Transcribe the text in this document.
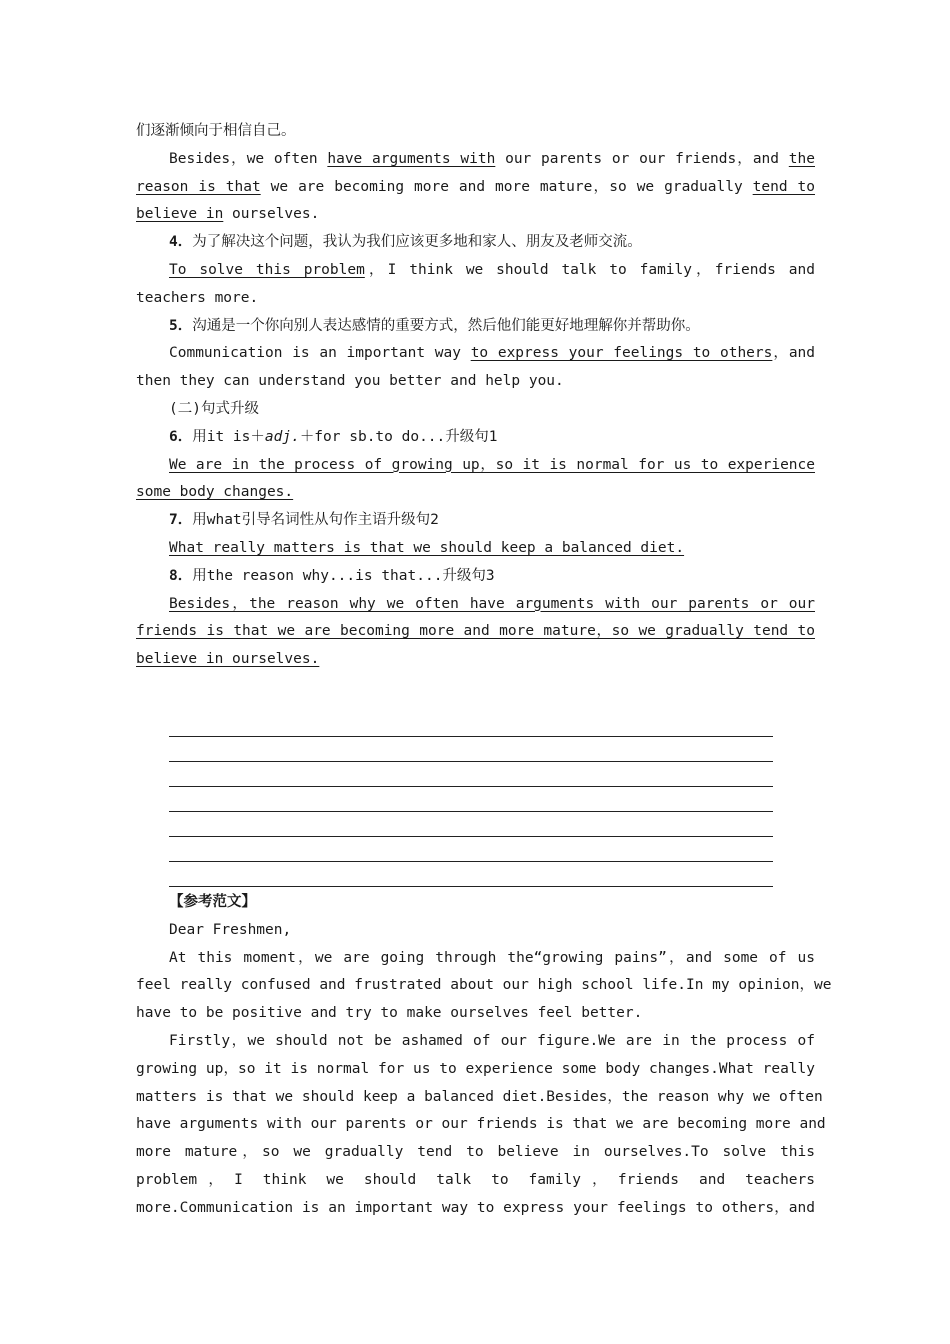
们逐渐倾向于相信自己。
Besides，we often have arguments with our parents or our friends，and the
reason is that we are becoming more and more mature，so we gradually tend to
believe in ourselves.
4．为了解决这个问题，我认为我们应该更多地和家人、朋友及老师交流。
To solve this problem，I think we should talk to family，friends and
teachers more.
5．沟通是一个你向别人表达感情的重要方式，然后他们能更好地理解你并帮助你。
Communication is an important way to express your feelings to others，and
then they can understand you better and help you.
(二)句式升级
6．用it is＋adj.＋for sb.to do...升级句1
We are in the process of growing up，so it is normal for us to experience
some body changes.
7．用what引导名词性从句作主语升级句2
What really matters is that we should keep a balanced diet.
8．用the reason why...is that...升级句3
Besides，the reason why we often have arguments with our parents or our
friends is that we are becoming more and more mature，so we gradually tend to
believe in ourselves.
【参考范文】
Dear Freshmen,
At this moment，we are going through the“growing pains”，and some of us
feel really confused and frustrated about our high school life.In my opinion，we
have to be positive and try to make ourselves feel better.
Firstly，we should not be ashamed of our figure.We are in the process of
growing up，so it is normal for us to experience some body changes.What really
matters is that we should keep a balanced diet.Besides，the reason why we often
have arguments with our parents or our friends is that we are becoming more and
more mature，so we gradually tend to believe in ourselves.To solve this
problem，I think we should talk to family，friends and teachers
more.Communication is an important way to express your feelings to others，and
